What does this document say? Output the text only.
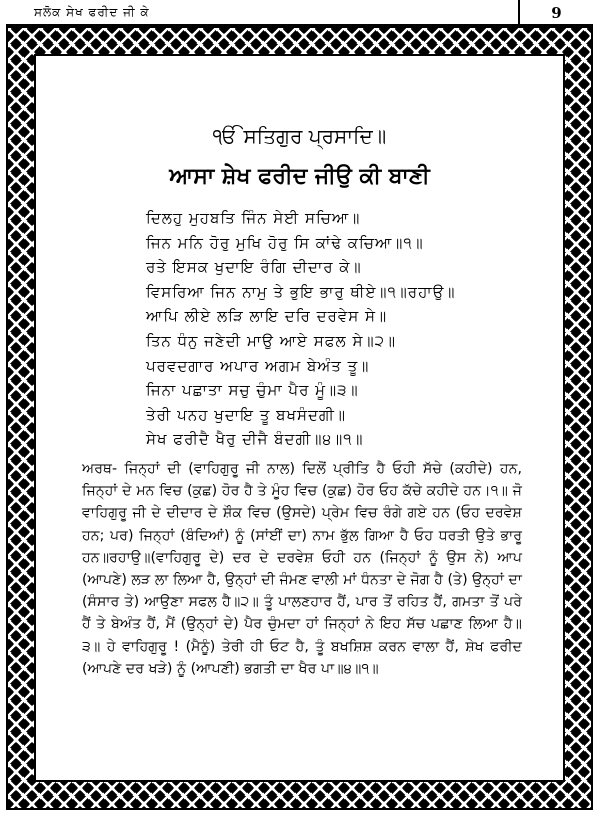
ਸਲੋਕ ਸੇਖ ਫਰੀਦ ਜੀ ਕੇ	9
ੴ ਸਤਿਗੁਰ ਪ੍ਰਸਾਦਿ॥
ਆਸਾ ਸ਼ੇਖ ਫਰੀਦ ਜੀਉ ਕੀ ਬਾਣੀ
ਦਿਲਹੁ ਮੁਹਬਤਿ ਜਿੰਨ ਸੇਈ ਸਚਿਆ॥
ਜਿਨ ਮਨਿ ਹੋਰੁ ਮੁਖਿ ਹੋਰੁ ਸਿ ਕਾਂਢੇ ਕਚਿਆ॥੧॥
ਰਤੇ ਇਸਕ ਖੁਦਾਇ ਰੰਗਿ ਦੀਦਾਰ ਕੇ॥
ਵਿਸਰਿਆ ਜਿਨ ਨਾਮੁ ਤੇ ਭੁਇ ਭਾਰੁ ਥੀਏ॥੧॥ਰਹਾਉ॥
ਆਪਿ ਲੀਏ ਲੜਿ ਲਾਇ ਦਰਿ ਦਰਵੇਸ ਸੇ॥
ਤਿਨ ਧੰਨੁ ਜਣੇਦੀ ਮਾਉ ਆਏ ਸਫਲ ਸੇ॥੨॥
ਪਰਵਦਗਾਰ ਅਪਾਰ ਅਗਮ ਬੇਅੰਤ ਤੂ॥
ਜਿਨਾ ਪਛਾਤਾ ਸਚੁ ਚੁੰਮਾ ਪੈਰ ਮੂੰ॥੩॥
ਤੇਰੀ ਪਨਹ ਖੁਦਾਇ ਤੂ ਬਖਸੰਦਗੀ॥
ਸੇਖ ਫਰੀਦੈ ਖੈਰੁ ਦੀਜੈ ਬੰਦਗੀ॥੪॥੧॥
ਅਰਥ- ਜਿਨ੍ਹਾਂ ਦੀ (ਵਾਹਿਗੁਰੂ ਜੀ ਨਾਲ) ਦਿਲੋਂ ਪ੍ਰੀਤਿ ਹੈ ਓਹੀ ਸੱਚੇ (ਕਹੀਦੇ) ਹਨ, ਜਿਨ੍ਹਾਂ ਦੇ ਮਨ ਵਿਚ (ਕੁਛ) ਹੋਰ ਹੈ ਤੇ ਮੂੰਹ ਵਿਚ (ਕੁਛ) ਹੋਰ ਓਹ ਕੱਚੇ ਕਹੀਦੇ ਹਨ।੧॥ ਜੋ ਵਾਹਿਗੁਰੂ ਜੀ ਦੇ ਦੀਦਾਰ ਦੇ ਸ਼ੌਕ ਵਿਚ (ਉਸਦੇ) ਪ੍ਰੇਮ ਵਿਚ ਰੰਗੇ ਗਏ ਹਨ (ਓਹ ਦਰਵੇਸ਼ ਹਨ; ਪਰ) ਜਿਨ੍ਹਾਂ (ਬੰਦਿਆਂ) ਨੂੰ (ਸਾਂਈਂ ਦਾ) ਨਾਮ ਭੁੱਲ ਗਿਆ ਹੈ ਓਹ ਧਰਤੀ ਉਤੇ ਭਾਰੂ ਹਨ॥ਰਹਾਉ॥(ਵਾਹਿਗੁਰੂ ਦੇ) ਦਰ ਦੇ ਦਰਵੇਸ਼ ਓਹੀ ਹਨ (ਜਿਨ੍ਹਾਂ ਨੂੰ ਉਸ ਨੇ) ਆਪ (ਆਪਣੇ) ਲੜ ਲਾ ਲਿਆ ਹੈ, ਉਨ੍ਹਾਂ ਦੀ ਜੰਮਣ ਵਾਲੀ ਮਾਂ ਧੰਨਤਾ ਦੇ ਜੋਗ ਹੈ (ਤੇ) ਉਨ੍ਹਾਂ ਦਾ (ਸੰਸਾਰ ਤੇ) ਆਉਣਾ ਸਫਲ ਹੈ॥੨॥ ਤੂੰ ਪਾਲਣਹਾਰ ਹੈਂ, ਪਾਰ ਤੋਂ ਰਹਿਤ ਹੈਂ, ਗਮਤਾ ਤੋਂ ਪਰੇ ਹੈਂ ਤੇ ਬੇਅੰਤ ਹੈਂ, ਮੈਂ (ਉਨ੍ਹਾਂ ਦੇ) ਪੈਰ ਚੁੰਮਦਾ ਹਾਂ ਜਿਨ੍ਹਾਂ ਨੇ ਇਹ ਸੱਚ ਪਛਾਣ ਲਿਆ ਹੈ॥੩॥ ਹੇ ਵਾਹਿਗੁਰੂ ! (ਮੈਨੂੰ) ਤੇਰੀ ਹੀ ਓਟ ਹੈ, ਤੂੰ ਬਖਸ਼ਿਸ਼ ਕਰਨ ਵਾਲਾ ਹੈਂ, ਸ਼ੇਖ ਫਰੀਦ (ਆਪਣੇ ਦਰ ਖੜੇ) ਨੂੰ (ਆਪਣੀ) ਭਗਤੀ ਦਾ ਖੈਰ ਪਾ॥੪॥੧॥
